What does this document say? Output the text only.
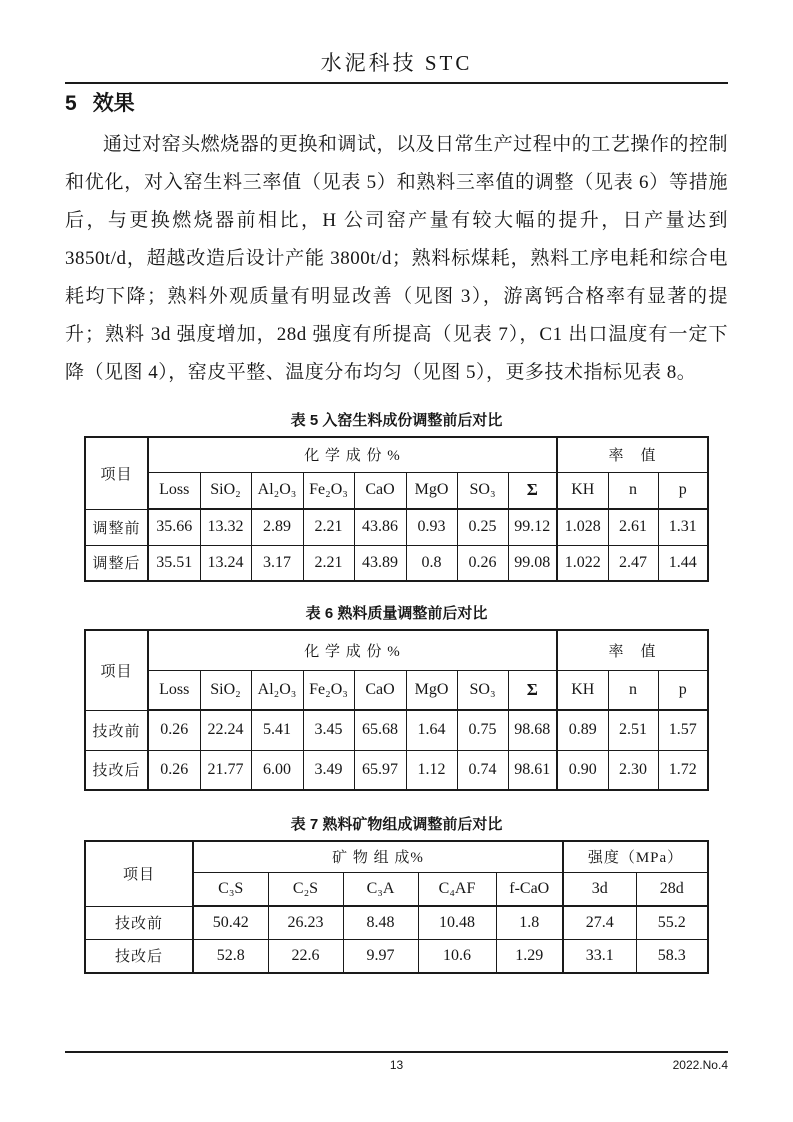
水泥科技 STC
5 效果

通过对窑头燃烧器的更换和调试，以及日常生产过程中的工艺操作的控制和优化，对入窑生料三率值（见表 5）和熟料三率值的调整（见表 6）等措施后，与更换燃烧器前相比，H 公司窑产量有较大幅的提升，日产量达到 3850t/d，超越改造后设计产能 3800t/d；熟料标煤耗，熟料工序电耗和综合电耗均下降；熟料外观质量有明显改善（见图 3），游离钙合格率有显著的提升；熟料 3d 强度增加，28d 强度有所提高（见表 7），C1 出口温度有一定下降（见图 4），窑皮平整、温度分布均匀（见图 5），更多技术指标见表 8。

表 5 入窑生料成份调整前后对比
项目	化 学 成 份 %								率　值		
	Loss	SiO₂	Al₂O₃	Fe₂O₃	CaO	MgO	SO₃	Σ	KH	n	p
调整前	35.66	13.32	2.89	2.21	43.86	0.93	0.25	99.12	1.028	2.61	1.31
调整后	35.51	13.24	3.17	2.21	43.89	0.8	0.26	99.08	1.022	2.47	1.44
表 6 熟料质量调整前后对比
项目	化 学 成 份 %								率　值		
	Loss	SiO₂	Al₂O₃	Fe₂O₃	CaO	MgO	SO₃	Σ	KH	n	p
技改前	0.26	22.24	5.41	3.45	65.68	1.64	0.75	98.68	0.89	2.51	1.57
技改后	0.26	21.77	6.00	3.49	65.97	1.12	0.74	98.61	0.90	2.30	1.72
表 7 熟料矿物组成调整前后对比
项目	矿 物 组 成%					强度（MPa）	
	C₃S	C₂S	C₃A	C₄AF	f-CaO	3d	28d
技改前	50.42	26.23	8.48	10.48	1.8	27.4	55.2
技改后	52.8	22.6	9.97	10.6	1.29	33.1	58.3
13	2022.No.4
